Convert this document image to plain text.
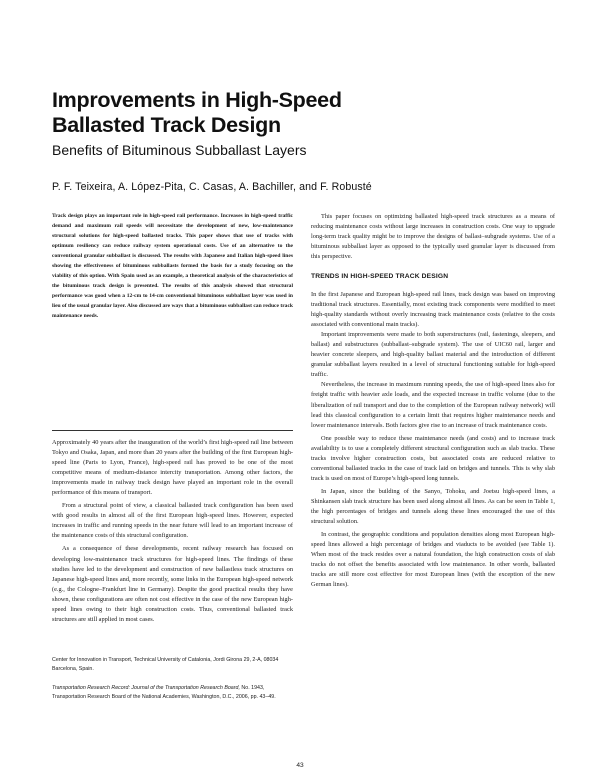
Improvements in High-Speed
Ballasted Track Design
Benefits of Bituminous Subballast Layers
P. F. Teixeira, A. López-Pita, C. Casas, A. Bachiller, and F. Robusté

Track design plays an important role in high-speed rail performance. Increases in high-speed traffic demand and maximum rail speeds will necessitate the development of new, low-maintenance structural solutions for high-speed ballasted tracks. This paper shows that use of tracks with optimum resiliency can reduce railway system operational costs. Use of an alternative to the conventional granular subballast is discussed. The results with Japanese and Italian high-speed lines showing the effectiveness of bituminous subballasts formed the basis for a study focusing on the viability of this option. With Spain used as an example, a theoretical analysis of the characteristics of the bituminous track design is presented. The results of this analysis showed that structural performance was good when a 12-cm to 14-cm conventional bituminous subballast layer was used in lieu of the usual granular layer. Also discussed are ways that a bituminous subballast can reduce track maintenance needs.

Approximately 40 years after the inauguration of the world’s first high-speed rail line between Tokyo and Osaka, Japan, and more than 20 years after the building of the first European high-speed line (Paris to Lyon, France), high-speed rail has proved to be one of the most competitive means of medium-distance intercity transportation. Among other factors, the improvements made in railway track design have played an important role in the overall performance of this means of transport.

From a structural point of view, a classical ballasted track configuration has been used with good results in almost all of the first European high-speed lines. However, expected increases in traffic and running speeds in the near future will lead to an important increase of the maintenance costs of this structural configuration.

As a consequence of these developments, recent railway research has focused on developing low-maintenance track structures for high-speed lines. The findings of these studies have led to the development and construction of new ballastless track structures on Japanese high-speed lines and, more recently, some links in the European high-speed network (e.g., the Cologne–Frankfurt line in Germany). Despite the good practical results they have shown, these configurations are often not cost effective in the case of the new European high-speed lines owing to their high construction costs. Thus, conventional ballasted track structures are still applied in most cases.

Center for Innovation in Transport, Technical University of Catalonia, Jordi Girona 29, 2-A, 08034 Barcelona, Spain.
Transportation Research Record: Journal of the Transportation Research Board, No. 1943, Transportation Research Board of the National Academies, Washington, D.C., 2006, pp. 43–49.

This paper focuses on optimizing ballasted high-speed track structures as a means of reducing maintenance costs without large increases in construction costs. One way to upgrade long-term track quality might be to improve the designs of ballast–subgrade systems. Use of a bituminous subballast layer as opposed to the typically used granular layer is discussed from this perspective.

TRENDS IN HIGH-SPEED TRACK DESIGN

In the first Japanese and European high-speed rail lines, track design was based on improving traditional track structures. Essentially, most existing track components were modified to meet high-quality standards without overly increasing track maintenance costs (relative to the costs associated with conventional main tracks).

Important improvements were made to both superstructures (rail, fastenings, sleepers, and ballast) and substructures (subballast–subgrade system). The use of UIC60 rail, larger and heavier concrete sleepers, and high-quality ballast material and the introduction of different granular subballast layers resulted in a level of structural functioning suitable for high-speed traffic.

Nevertheless, the increase in maximum running speeds, the use of high-speed lines also for freight traffic with heavier axle loads, and the expected increase in traffic volume (due to the liberalization of rail transport and due to the completion of the European railway network) will lead this classical configuration to a certain limit that requires higher maintenance needs and lower maintenance intervals. Both factors give rise to an increase of track maintenance costs.

One possible way to reduce these maintenance needs (and costs) and to increase track availability is to use a completely different structural configuration such as slab tracks. These tracks involve higher construction costs, but associated costs are reduced relative to conventional ballasted tracks in the case of track laid on bridges and tunnels. This is why slab track is used on most of Europe’s high-speed long tunnels.

In Japan, since the building of the Sanyo, Tohoku, and Joetsu high-speed lines, a Shinkansen slab track structure has been used along almost all lines. As can be seen in Table 1, the high percentages of bridges and tunnels along these lines encouraged the use of this structural solution.

In contrast, the geographic conditions and population densities along most European high-speed lines allowed a high percentage of bridges and viaducts to be avoided (see Table 1). When most of the track resides over a natural foundation, the high construction costs of slab tracks do not offset the benefits associated with low maintenance. In other words, ballasted tracks are still more cost effective for most European lines (with the exception of the new German lines).

43
